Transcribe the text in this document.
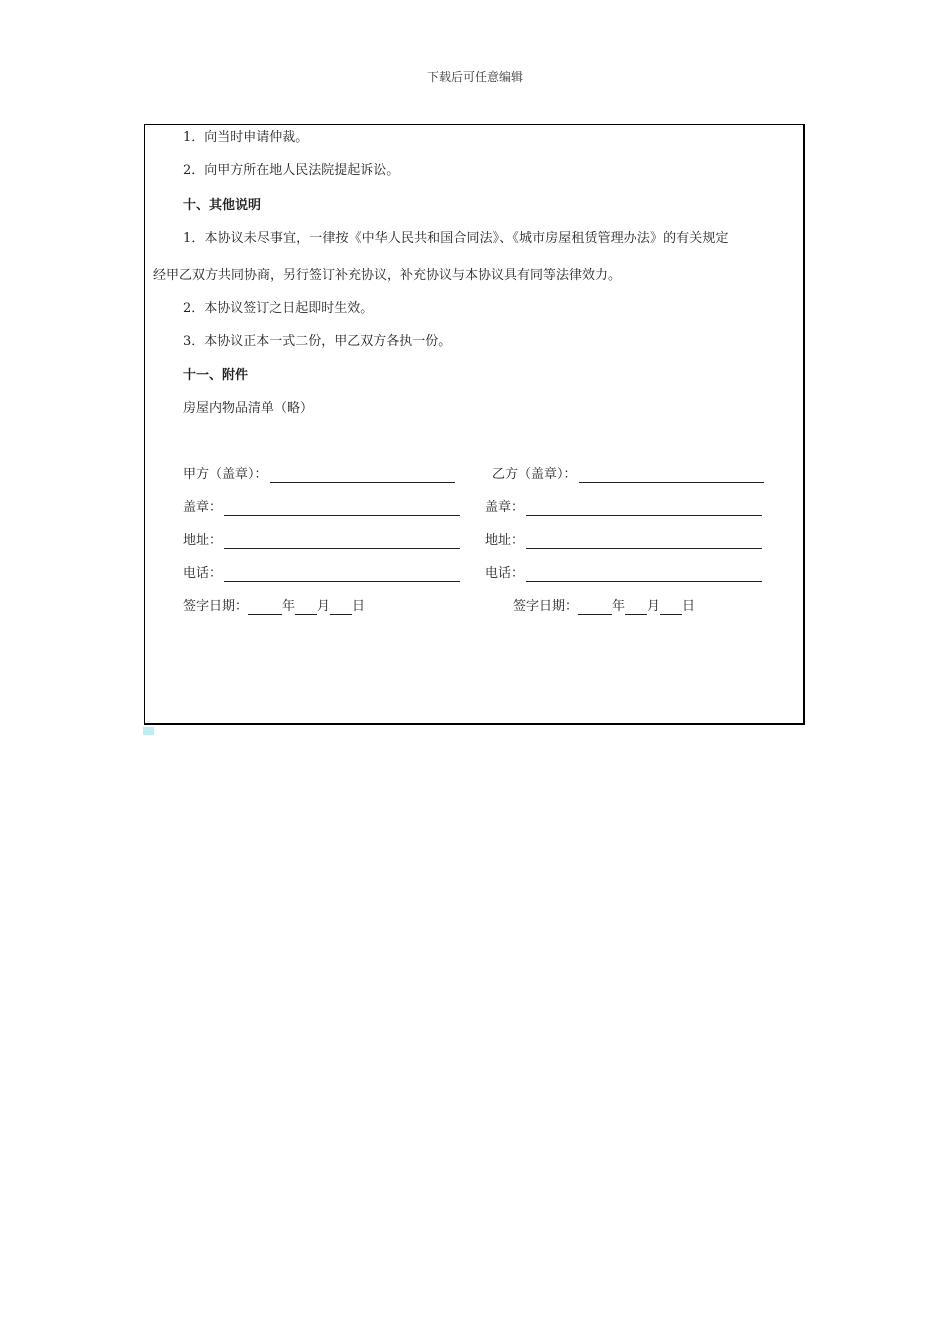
下载后可任意编辑
1．向当时申请仲裁。
2．向甲方所在地人民法院提起诉讼。
十、其他说明
1．本协议未尽事宜，一律按《中华人民共和国合同法》、《城市房屋租赁管理办法》的有关规定
经甲乙双方共同协商，另行签订补充协议，补充协议与本协议具有同等法律效力。
2．本协议签订之日起即时生效。
3．本协议正本一式二份，甲乙双方各执一份。
十一、附件
房屋内物品清单（略）
甲方（盖章）：
盖章：
地址：
电话：
签字日期：	年 月 日
乙方（盖章）：
盖章：
地址：
电话：
签字日期：	年 月 日
